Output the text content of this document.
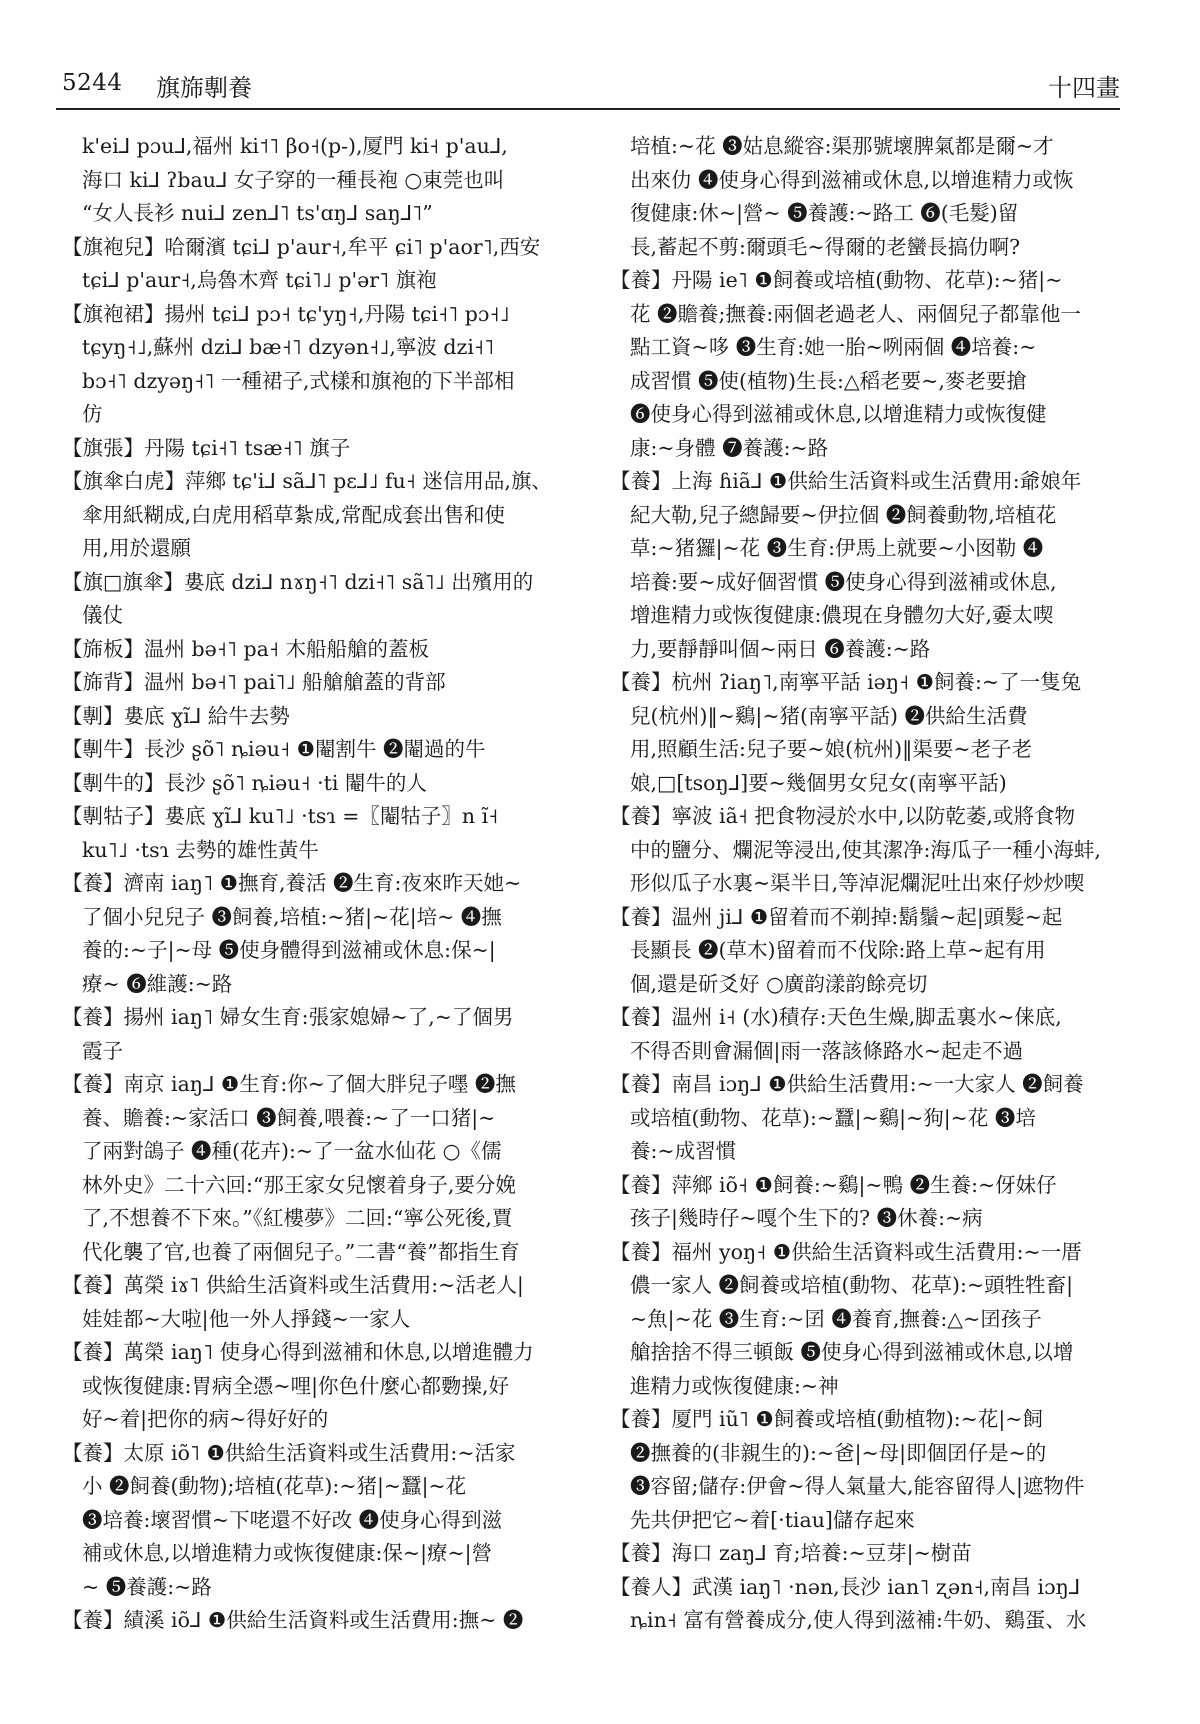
5244 旗旆剸養	十四畫
k'ei⅃ pɔu⅃,福州 ki˦˥ βo˧(p-),厦門 ki˧ p'au⅃,
海口 ki⅃ ʔbau⅃ 女子穿的一種長袍 ○東莞也叫
“女人長衫 nui⅃ zen⅃˥ ts'ɑŋ⅃ saŋ⅃˥”
【旗袍兒】哈爾濱 tɕi⅃ p'aur˧,牟平 ɕi˥ p'aor˥,西安
tɕi⅃ p'aur˧,烏魯木齊 tɕi˥˩ p'ər˥ 旗袍
【旗袍裙】揚州 tɕi⅃ pɔ˧ tɕ'yŋ˧,丹陽 tɕi˧˥ pɔ˧˩
tɕyŋ˧˩,蘇州 dzi⅃ bæ˧˥ dzyən˧˩,寧波 dzi˧˥
bɔ˧˥ dzyəŋ˧˥ 一種裙子,式樣和旗袍的下半部相
仿
【旗張】丹陽 tɕi˧˥ tsæ˧˥ 旗子
【旗傘白虎】萍鄉 tɕ'i⅃ sã⅃˥ pɛ⅃˩ fu˧ 迷信用品,旗、
傘用紙糊成,白虎用稻草紮成,常配成套出售和使
用,用於還願
【旗□旗傘】婁底 dzi⅃ nɤŋ˧˥ dzi˧˥ sã˥˩ 出殯用的
儀仗
【旆板】温州 bə˧˥ pa˧ 木船船艙的蓋板
【旆背】温州 bə˧˥ pai˥˩ 船艙艙蓋的背部
【剸】婁底 ɣĩ⅃ 給牛去勢
【剸牛】長沙 ʂõ˥ ȵiəu˧ ❶閹割牛 ❷閹過的牛
【剸牛的】長沙 ʂõ˥ ȵiəu˧ ·ti 閹牛的人
【剸牯子】婁底 ɣĩ⅃ ku˥˩ ·tsɿ =〖閹牯子〗n ĩ˧
ku˥˩ ·tsɿ 去勢的雄性黃牛
【養】濟南 iaŋ˥ ❶撫育,養活 ❷生育:夜來昨天她~
了個小兒兒子 ❸飼養,培植:~猪|~花|培~ ❹撫
養的:~子|~母 ❺使身體得到滋補或休息:保~|
療~ ❻維護:~路
【養】揚州 iaŋ˥ 婦女生育:張家媳婦~了,~了個男
霞子
【養】南京 iaŋ⅃ ❶生育:你~了個大胖兒子嚜 ❷撫
養、贍養:~家活口 ❸飼養,喂養:~了一口猪|~
了兩對鴿子 ❹種(花卉):~了一盆水仙花 ○《儒
林外史》二十六回:“那王家女兒懷着身子,要分娩
了,不想養不下來。”《紅樓夢》二回:“寧公死後,賈
代化襲了官,也養了兩個兒子。”二書“養”都指生育
【養】萬榮 iɤ˥ 供給生活資料或生活費用:~活老人|
娃娃都~大啦|他一外人掙錢~一家人
【養】萬榮 iaŋ˥ 使身心得到滋補和休息,以增進體力
或恢復健康:胃病全憑~哩|你色什麼心都覅操,好
好~着|把你的病~得好好的
【養】太原 iõ˥ ❶供給生活資料或生活費用:~活家
小 ❷飼養(動物);培植(花草):~猪|~蠶|~花
❸培養:壞習慣~下咾還不好改 ❹使身心得到滋
補或休息,以增進精力或恢復健康:保~|療~|營
~ ❺養護:~路
【養】績溪 iõ⅃ ❶供給生活資料或生活費用:撫~ ❷
培植:~花 ❸姑息縱容:渠那號壞脾氣都是爾~才
出來仂 ❹使身心得到滋補或休息,以增進精力或恢
復健康:休~|營~ ❺養護:~路工 ❻(毛髮)留
長,蓄起不剪:爾頭毛~得爾的老蠻長搞仂啊?
【養】丹陽 ie˥ ❶飼養或培植(動物、花草):~猪|~
花 ❷贍養;撫養:兩個老過老人、兩個兒子都靠他一
點工資~哆 ❸生育:她一胎~咧兩個 ❹培養:~
成習慣 ❺使(植物)生長:△稻老要~,麥老要搶
❻使身心得到滋補或休息,以增進精力或恢復健
康:~身體 ❼養護:~路
【養】上海 ɦiã⅃ ❶供給生活資料或生活費用:爺娘年
紀大勒,兒子總歸要~伊拉個 ❷飼養動物,培植花
草:~猪玀|~花 ❸生育:伊馬上就要~小囡勒 ❹
培養:要~成好個習慣 ❺使身心得到滋補或休息,
增進精力或恢復健康:儂現在身體勿大好,嫑太喫
力,要靜靜叫個~兩日 ❻養護:~路
【養】杭州 ʔiaŋ˥,南寧平話 iəŋ˧ ❶飼養:~了一隻兔
兒(杭州)‖~鷄|~猪(南寧平話) ❷供給生活費
用,照顧生活:兒子要~娘(杭州)‖渠要~老子老
娘,□[tsoŋ⅃]要~幾個男女兒女(南寧平話)
【養】寧波 iã˧ 把食物浸於水中,以防乾萎,或將食物
中的鹽分、爛泥等浸出,使其潔净:海瓜子一種小海蚌,
形似瓜子水裏~渠半日,等淖泥爛泥吐出來仔炒炒喫
【養】温州 ji⅃ ❶留着而不剃掉:鬍鬚~起|頭髮~起
長顯長 ❷(草木)留着而不伐除:路上草~起有用
個,還是斫爻好 ○廣韵漾韵餘亮切
【養】温州 i˧ (水)積存:天色生燥,脚盂裏水~俫底,
不得否則會漏個|雨一落該條路水~起走不過
【養】南昌 iɔŋ⅃ ❶供給生活費用:~一大家人 ❷飼養
或培植(動物、花草):~蠶|~鷄|~狗|~花 ❸培
養:~成習慣
【養】萍鄉 iõ˧ ❶飼養:~鷄|~鴨 ❷生養:~伢妹仔
孩子|幾時仔~嘎个生下的? ❸休養:~病
【養】福州 yoŋ˧ ❶供給生活資料或生活費用:~一厝
儂一家人 ❷飼養或培植(動物、花草):~頭牲牲畜|
~魚|~花 ❸生育:~囝 ❹養育,撫養:△~囝孩子
艙捨捨不得三頓飯 ❺使身心得到滋補或休息,以增
進精力或恢復健康:~神
【養】厦門 iũ˥ ❶飼養或培植(動植物):~花|~飼
❷撫養的(非親生的):~爸|~母|即個囝仔是~的
❸容留;儲存:伊會~得人氣量大,能容留得人|遮物件
先共伊把它~着[·tiau]儲存起來
【養】海口 zaŋ⅃ 育;培養:~豆芽|~樹苗
【養人】武漢 iaŋ˥ ·nən,長沙 ian˥ ʐən˧,南昌 iɔŋ⅃
ȵin˧ 富有營養成分,使人得到滋補:牛奶、鷄蛋、水
